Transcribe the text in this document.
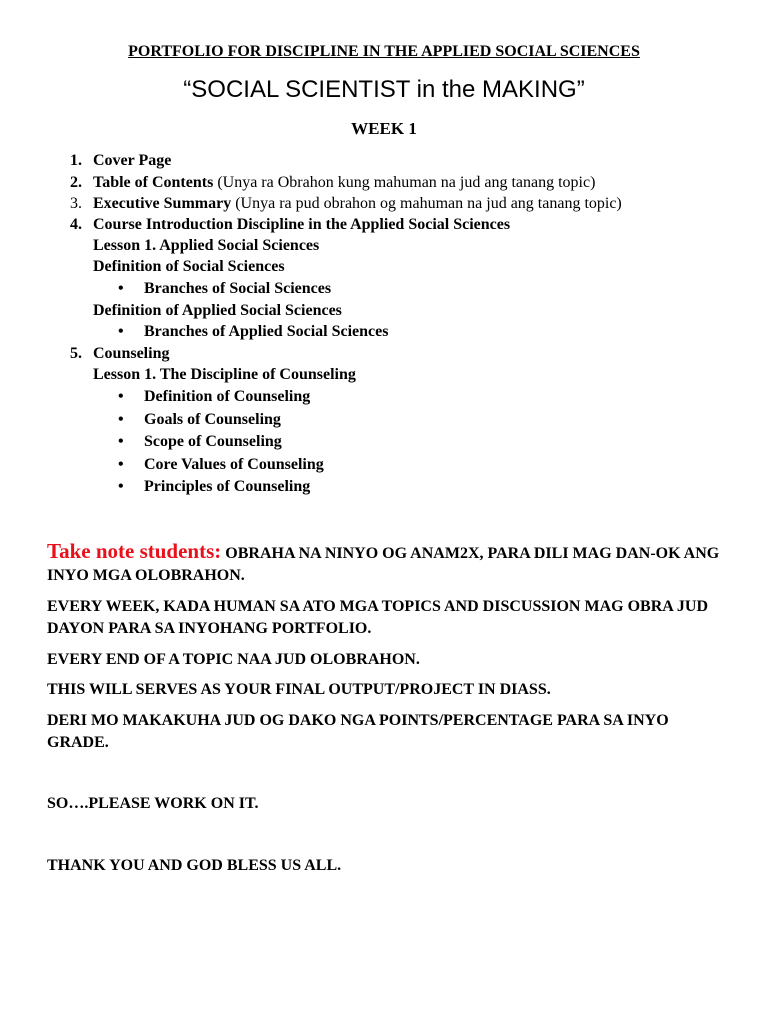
PORTFOLIO FOR DISCIPLINE IN THE APPLIED SOCIAL SCIENCES
“SOCIAL SCIENTIST in the MAKING”
WEEK 1
1. Cover Page
2. Table of Contents (Unya ra Obrahon kung mahuman na jud ang tanang topic)
3. Executive Summary (Unya ra pud obrahon og mahuman na jud ang tanang topic)
4. Course Introduction Discipline in the Applied Social Sciences
Lesson 1. Applied Social Sciences
Definition of Social Sciences
• Branches of Social Sciences
Definition of Applied Social Sciences
• Branches of Applied Social Sciences
5. Counseling
Lesson 1. The Discipline of Counseling
• Definition of Counseling
• Goals of Counseling
• Scope of Counseling
• Core Values of Counseling
• Principles of Counseling
Take note students: OBRAHA NA NINYO OG ANAM2X, PARA DILI MAG DAN-OK ANG INYO MGA OLOBRAHON.
EVERY WEEK, KADA HUMAN SA ATO MGA TOPICS AND DISCUSSION MAG OBRA JUD DAYON PARA SA INYOHANG PORTFOLIO.
EVERY END OF A TOPIC NAA JUD OLOBRAHON.
THIS WILL SERVES AS YOUR FINAL OUTPUT/PROJECT IN DIASS.
DERI MO MAKAKUHA JUD OG DAKO NGA POINTS/PERCENTAGE PARA SA INYO GRADE.
SO….PLEASE WORK ON IT.
THANK YOU AND GOD BLESS US ALL.
